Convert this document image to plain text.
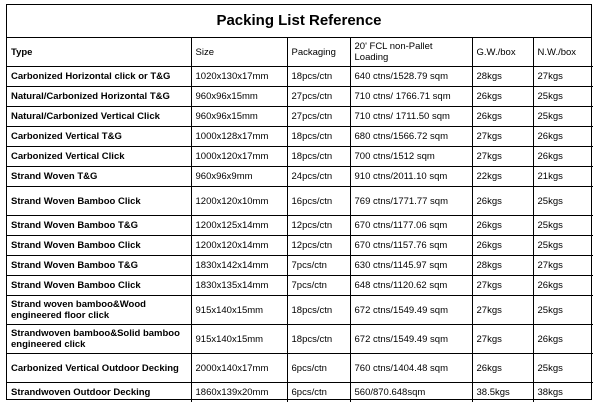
Packing List Reference
Type	Size	Packaging	20' FCL non-Pallet Loading	G.W./box	N.W./box
Carbonized Horizontal click or T&G	1020x130x17mm	18pcs/ctn	640 ctns/1528.79 sqm	28kgs	27kgs
Natural/Carbonized Horizontal T&G	960x96x15mm	27pcs/ctn	710 ctns/ 1766.71 sqm	26kgs	25kgs
Natural/Carbonized Vertical Click	960x96x15mm	27pcs/ctn	710 ctns/ 1711.50 sqm	26kgs	25kgs
Carbonized Vertical T&G	1000x128x17mm	18pcs/ctn	680 ctns/1566.72 sqm	27kgs	26kgs
Carbonized Vertical Click	1000x120x17mm	18pcs/ctn	700 ctns/1512 sqm	27kgs	26kgs
Strand Woven T&G	960x96x9mm	24pcs/ctn	910 ctns/2011.10 sqm	22kgs	21kgs
Strand Woven Bamboo Click	1200x120x10mm	16pcs/ctn	769 ctns/1771.77 sqm	26kgs	25kgs
Strand Woven Bamboo T&G	1200x125x14mm	12pcs/ctn	670 ctns/1177.06 sqm	26kgs	25kgs
Strand Woven Bamboo Click	1200x120x14mm	12pcs/ctn	670 ctns/1157.76 sqm	26kgs	25kgs
Strand Woven Bamboo T&G	1830x142x14mm	7pcs/ctn	630 ctns/1145.97 sqm	28kgs	27kgs
Strand Woven Bamboo Click	1830x135x14mm	7pcs/ctn	648 ctns/1120.62 sqm	27kgs	26kgs
Strand woven bamboo&Wood engineered floor click	915x140x15mm	18pcs/ctn	672 ctns/1549.49 sqm	27kgs	25kgs
Strandwoven bamboo&Solid bamboo engineered click	915x140x15mm	18pcs/ctn	672 ctns/1549.49 sqm	27kgs	26kgs
Carbonized Vertical Outdoor Decking	2000x140x17mm	6pcs/ctn	760 ctns/1404.48 sqm	26kgs	25kgs
Strandwoven Outdoor Decking	1860x139x20mm	6pcs/ctn	560/870.648sqm	38.5kgs	38kgs
